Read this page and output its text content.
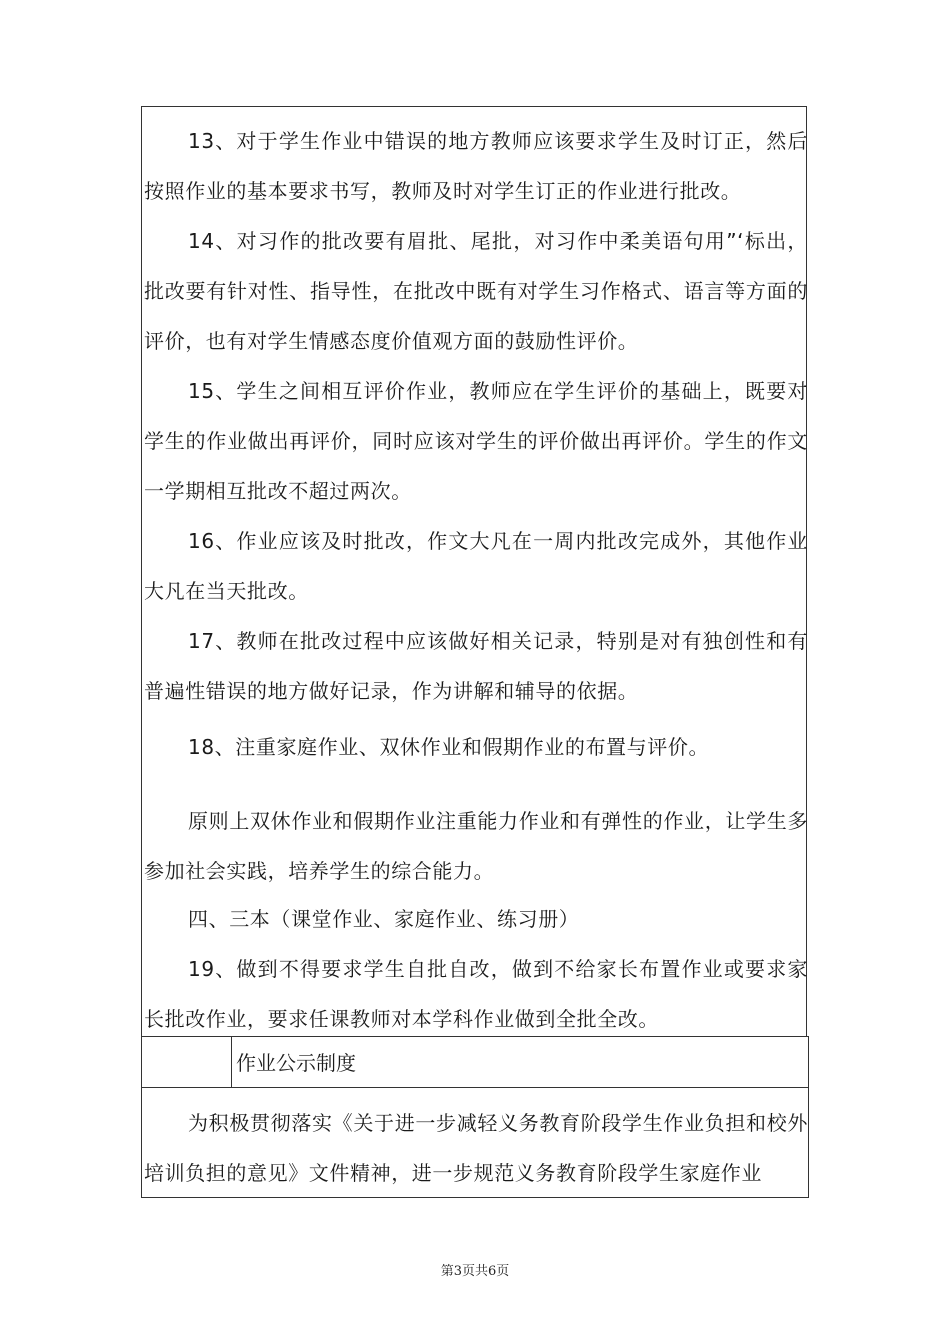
13、对于学生作业中错误的地方教师应该要求学生及时订正，然后按照作业的基本要求书写，教师及时对学生订正的作业进行批改。

14、对习作的批改要有眉批、尾批，对习作中柔美语句用”‘标出，批改要有针对性、指导性，在批改中既有对学生习作格式、语言等方面的评价，也有对学生情感态度价值观方面的鼓励性评价。

15、学生之间相互评价作业，教师应在学生评价的基础上，既要对学生的作业做出再评价，同时应该对学生的评价做出再评价。学生的作文一学期相互批改不超过两次。

16、作业应该及时批改，作文大凡在一周内批改完成外，其他作业大凡在当天批改。

17、教师在批改过程中应该做好相关记录，特别是对有独创性和有普遍性错误的地方做好记录，作为讲解和辅导的依据。

18、注重家庭作业、双休作业和假期作业的布置与评价。

原则上双休作业和假期作业注重能力作业和有弹性的作业，让学生多参加社会实践，培养学生的综合能力。

四、三本（课堂作业、家庭作业、练习册）

19、做到不得要求学生自批自改，做到不给家长布置作业或要求家长批改作业，要求任课教师对本学科作业做到全批全改。

作业公示制度

为积极贯彻落实《关于进一步减轻义务教育阶段学生作业负担和校外培训负担的意见》文件精神，进一步规范义务教育阶段学生家庭作业

第3页共6页
